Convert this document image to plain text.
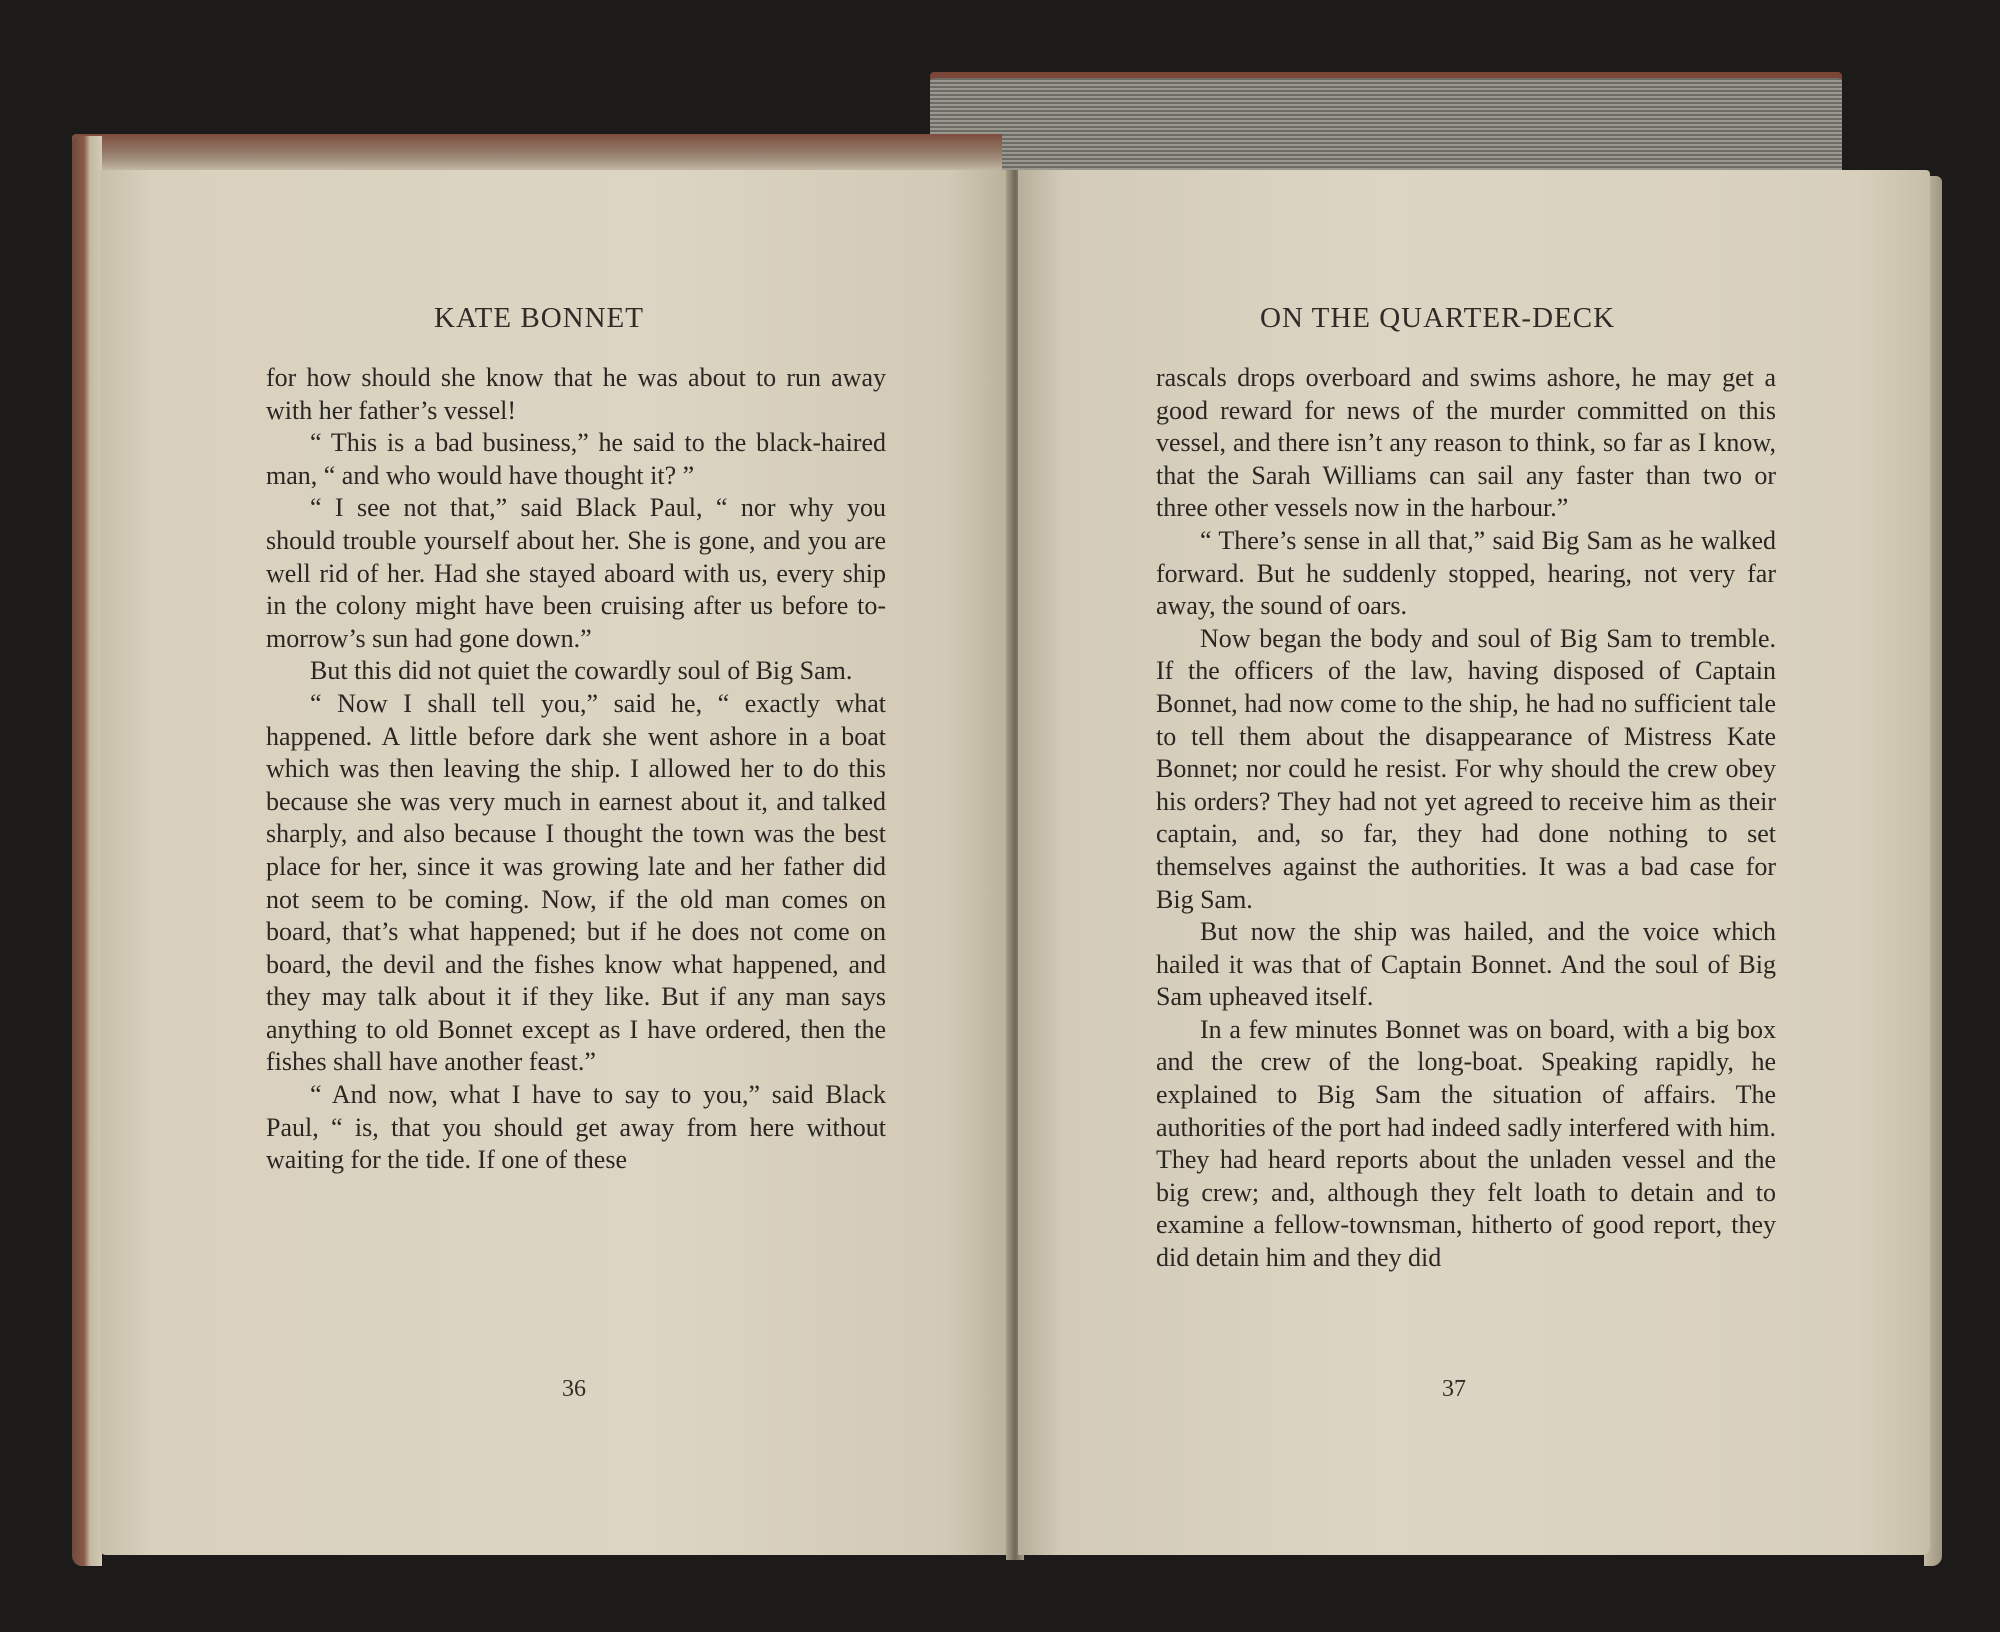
KATE BONNET

for how should she know that he was about to run away with her father’s vessel!

“ This is a bad business,” he said to the black-haired man, “ and who would have thought it? ”

“ I see not that,” said Black Paul, “ nor why you should trouble yourself about her. She is gone, and you are well rid of her. Had she stayed aboard with us, every ship in the colony might have been cruising after us before to-morrow’s sun had gone down.”

But this did not quiet the cowardly soul of Big Sam.

“ Now I shall tell you,” said he, “ exactly what happened. A little before dark she went ashore in a boat which was then leaving the ship. I allowed her to do this because she was very much in earnest about it, and talked sharply, and also because I thought the town was the best place for her, since it was growing late and her father did not seem to be coming. Now, if the old man comes on board, that’s what happened; but if he does not come on board, the devil and the fishes know what happened, and they may talk about it if they like. But if any man says anything to old Bonnet except as I have ordered, then the fishes shall have another feast.”

“ And now, what I have to say to you,” said Black Paul, “ is, that you should get away from here without waiting for the tide. If one of these

36
ON THE QUARTER-DECK

rascals drops overboard and swims ashore, he may get a good reward for news of the murder committed on this vessel, and there isn’t any reason to think, so far as I know, that the Sarah Williams can sail any faster than two or three other vessels now in the harbour.”

“ There’s sense in all that,” said Big Sam as he walked forward. But he suddenly stopped, hearing, not very far away, the sound of oars.

Now began the body and soul of Big Sam to tremble. If the officers of the law, having disposed of Captain Bonnet, had now come to the ship, he had no sufficient tale to tell them about the disappearance of Mistress Kate Bonnet; nor could he resist. For why should the crew obey his orders? They had not yet agreed to receive him as their captain, and, so far, they had done nothing to set themselves against the authorities. It was a bad case for Big Sam.

But now the ship was hailed, and the voice which hailed it was that of Captain Bonnet. And the soul of Big Sam upheaved itself.

In a few minutes Bonnet was on board, with a big box and the crew of the long-boat. Speaking rapidly, he explained to Big Sam the situation of affairs. The authorities of the port had indeed sadly interfered with him. They had heard reports about the unladen vessel and the big crew; and, although they felt loath to detain and to examine a fellow-townsman, hitherto of good report, they did detain him and they did

37
